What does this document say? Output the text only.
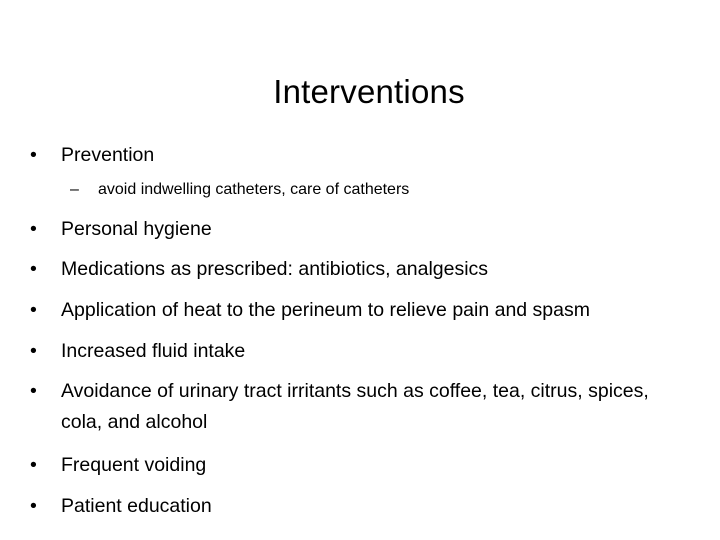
Interventions
•	Prevention
– avoid indwelling catheters, care of catheters
•	Personal hygiene
•	Medications as prescribed: antibiotics, analgesics
•	Application of heat to the perineum to relieve pain and spasm
•	Increased fluid intake
•	Avoidance of urinary tract irritants such as coffee, tea, citrus, spices, cola, and alcohol
•	Frequent voiding
•	Patient education
